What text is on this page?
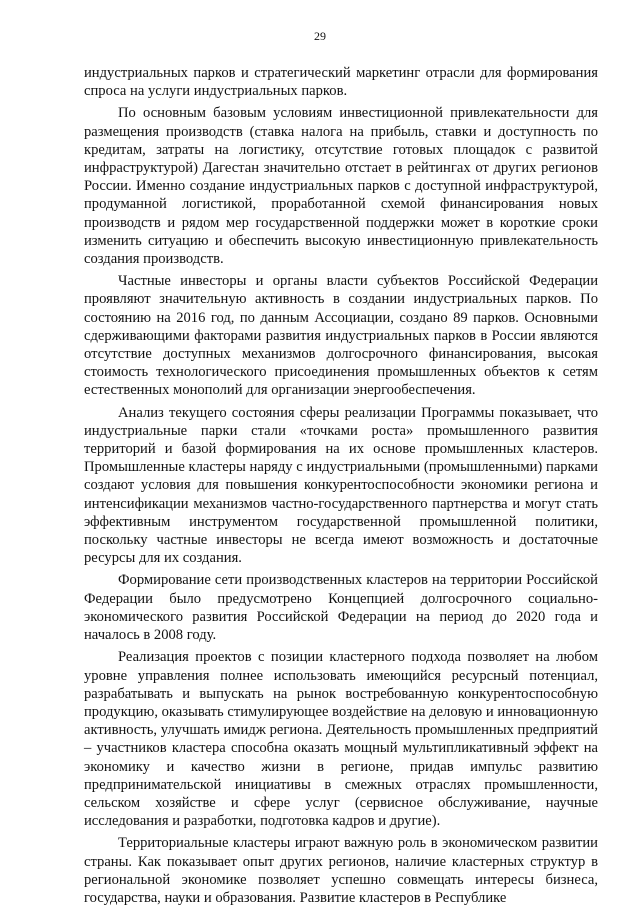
29

индустриальных парков и стратегический маркетинг отрасли для формирования спроса на услуги индустриальных парков.

По основным базовым условиям инвестиционной привлекательности для размещения производств (ставка налога на прибыль, ставки и доступность по кредитам, затраты на логистику, отсутствие готовых площадок с развитой инфраструктурой) Дагестан значительно отстает в рейтингах от других регионов России. Именно создание индустриальных парков с доступной инфраструктурой, продуманной логистикой, проработанной схемой финансирования новых производств и рядом мер государственной поддержки может в короткие сроки изменить ситуацию и обеспечить высокую инвестиционную привлекательность создания производств.

Частные инвесторы и органы власти субъектов Российской Федерации проявляют значительную активность в создании индустриальных парков. По состоянию на 2016 год, по данным Ассоциации, создано 89 парков. Основными сдерживающими факторами развития индустриальных парков в России являются отсутствие доступных механизмов долгосрочного финансирования, высокая стоимость технологического присоединения промышленных объектов к сетям естественных монополий для организации энергообеспечения.

Анализ текущего состояния сферы реализации Программы показывает, что индустриальные парки стали «точками роста» промышленного развития территорий и базой формирования на их основе промышленных кластеров. Промышленные кластеры наряду с индустриальными (промышленными) парками создают условия для повышения конкурентоспособности экономики региона и интенсификации механизмов частно-государственного партнерства и могут стать эффективным инструментом государственной промышленной политики, поскольку частные инвесторы не всегда имеют возможность и достаточные ресурсы для их создания.

Формирование сети производственных кластеров на территории Российской Федерации было предусмотрено Концепцией долгосрочного социально-экономического развития Российской Федерации на период до 2020 года и началось в 2008 году.

Реализация проектов с позиции кластерного подхода позволяет на любом уровне управления полнее использовать имеющийся ресурсный потенциал, разрабатывать и выпускать на рынок востребованную конкурентоспособную продукцию, оказывать стимулирующее воздействие на деловую и инновационную активность, улучшать имидж региона. Деятельность промышленных предприятий – участников кластера способна оказать мощный мультипликативный эффект на экономику и качество жизни в регионе, придав импульс развитию предпринимательской инициативы в смежных отраслях промышленности, сельском хозяйстве и сфере услуг (сервисное обслуживание, научные исследования и разработки, подготовка кадров и другие).

Территориальные кластеры играют важную роль в экономическом развитии страны. Как показывает опыт других регионов, наличие кластерных структур в региональной экономике позволяет успешно совмещать интересы бизнеса, государства, науки и образования. Развитие кластеров в Республике
